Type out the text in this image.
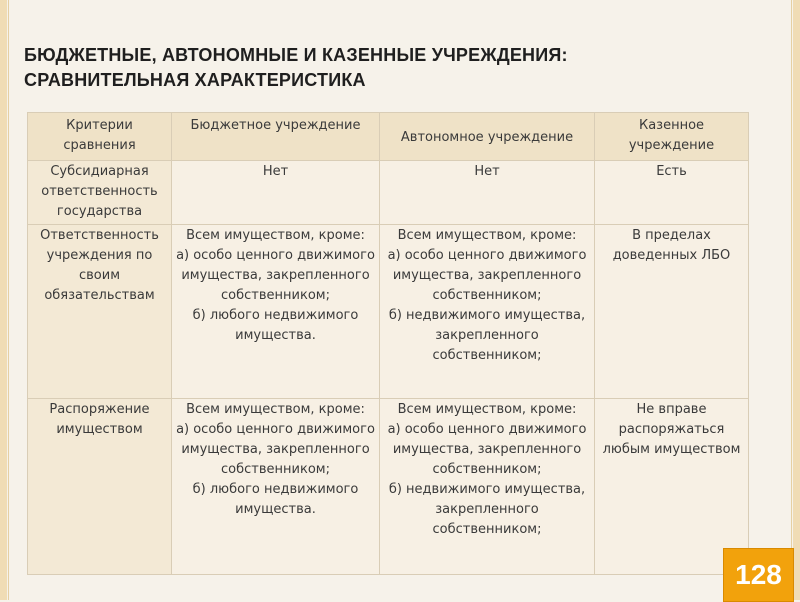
БЮДЖЕТНЫЕ, АВТОНОМНЫЕ И КАЗЕННЫЕ УЧРЕЖДЕНИЯ:
СРАВНИТЕЛЬНАЯ ХАРАКТЕРИСТИКА
Критерии сравнения	Бюджетное учреждение	Автономное учреждение	Казенное учреждение
Субсидиарная ответственность государства	Нет	Нет	Есть
Ответственность учреждения по своим обязательствам	Всем имуществом, кроме:
а) особо ценного движимого имущества, закрепленного собственником;
б) любого недвижимого имущества.	Всем имуществом, кроме:
а) особо ценного движимого имущества, закрепленного собственником;
б) недвижимого имущества, закрепленного собственником;	В пределах доведенных ЛБО
Распоряжение имуществом	Всем имуществом, кроме:
а) особо ценного движимого имущества, закрепленного собственником;
б) любого недвижимого имущества.	Всем имуществом, кроме:
а) особо ценного движимого имущества, закрепленного собственником;
б) недвижимого имущества, закрепленного собственником;	Не вправе распоряжаться любым имуществом
128
